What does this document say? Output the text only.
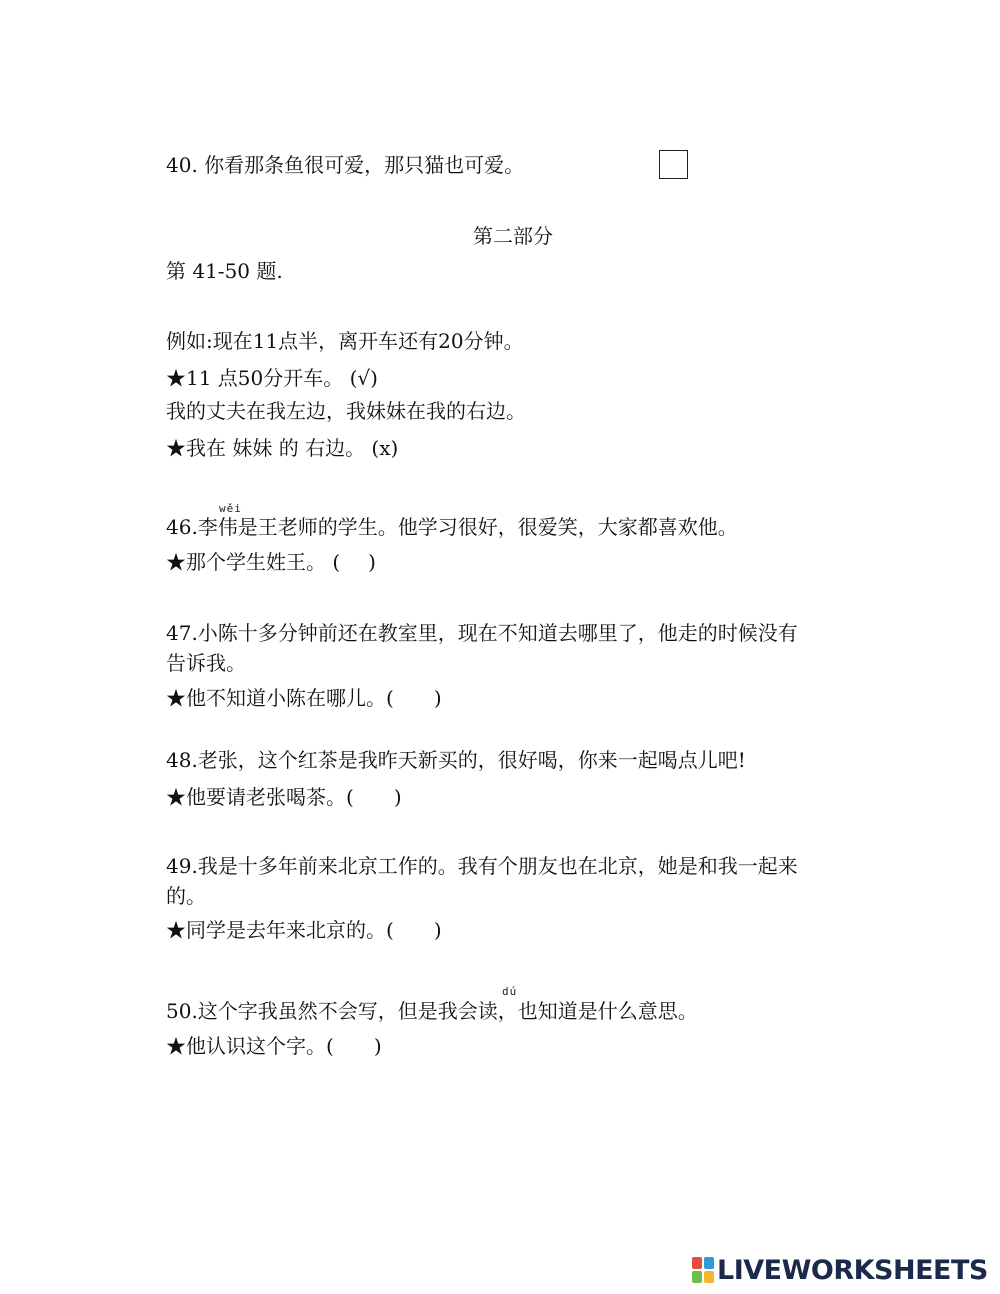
40. 你看那条鱼很可爱，那只猫也可爱。
第二部分
第 41-50 题.
例如:现在11点半，离开车还有20分钟。
★11 点50分开车。 (√)
我的丈夫在我左边，我妹妹在我的右边。
★我在 妹妹 的 右边。 (x)
wěi
46.李伟是王老师的学生。他学习很好，很爱笑，大家都喜欢他。
★那个学生姓王。 ( )
47.小陈十多分钟前还在教室里，现在不知道去哪里了，他走的时候没有
告诉我。
★他不知道小陈在哪儿。( )
48.老张，这个红茶是我昨天新买的，很好喝，你来一起喝点儿吧!
★他要请老张喝茶。( )
49.我是十多年前来北京工作的。我有个朋友也在北京，她是和我一起来
的。
★同学是去年来北京的。( )
dú
50.这个字我虽然不会写，但是我会读，也知道是什么意思。
★他认识这个字。( )
LIVEWORKSHEETS
